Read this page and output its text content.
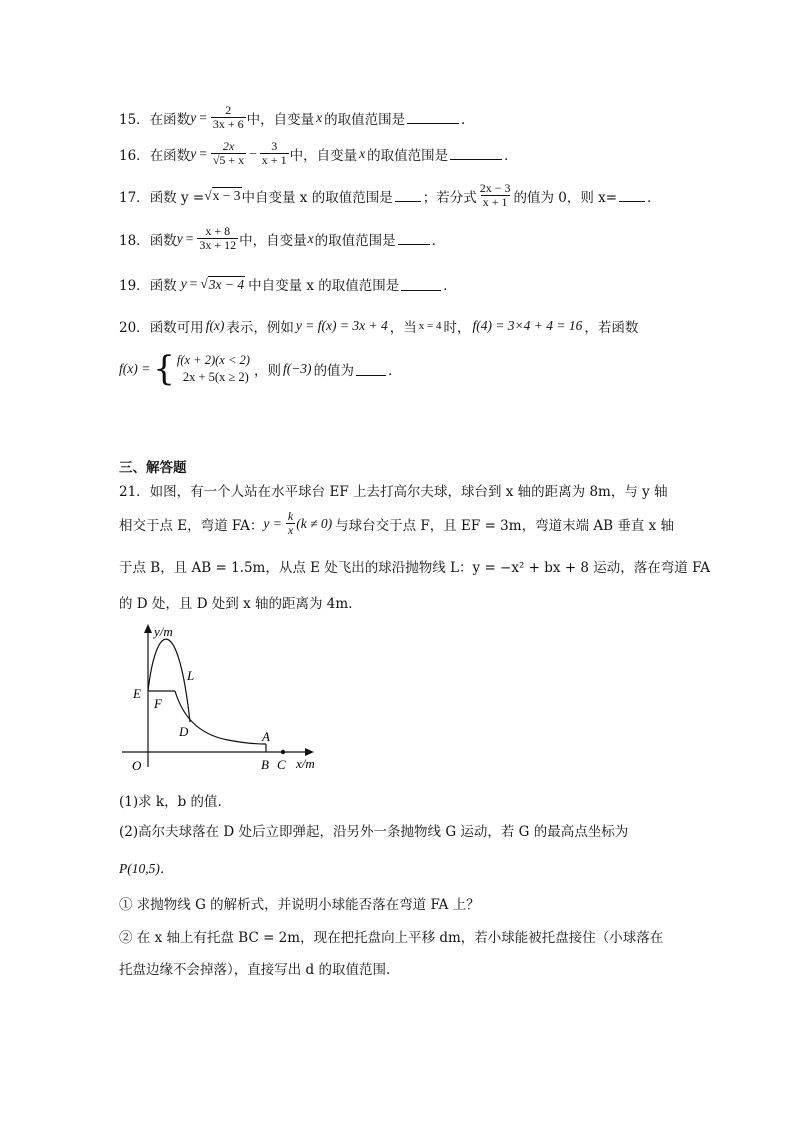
15． 在函数 $y = \frac{2}{3x + 6}$ 中，自变量 x 的取值范围是	．
16． 在函数 $y = \frac{2x}{√5 + x} - \frac{3}{x + 1}$ 中，自变量 x 的取值范围是	．
17． 函数 y = √ x − 3 中自变量 x 的取值范围是 ；若分式 $\frac{2x - 3}{x + 1}$ 的值为 0，则 x= ．
18． 函数 $y = \frac{x + 8}{3x + 12}$ 中，自变量 x 的取值范围是	．
19． 函数 y = √ 3x − 4 中自变量 x 的取值范围是	．
20． 函数可用 f(x) 表示，例如 y = f(x) = 3x + 4 ，当 x = 4 时， f(4) = 3×4 + 4 = 16 ，若函数
f(x) = { f(x + 2)(x < 2)
2x + 5(x ≥ 2) ，则 f(−3) 的值为	．
三、解答题
21．如图，有一个人站在水平球台 EF 上去打高尔夫球，球台到 x 轴的距离为 8m，与 y 轴
相交于点 E，弯道 FA： $y = \frac{k}{x} (k \ne 0)$ 与球台交于点 F，且 EF = 3m，弯道末端 AB 垂直 x 轴
于点 B，且 AB = 1.5m，从点 E 处飞出的球沿抛物线 L：y = −x² + bx + 8 运动，落在弯道 FA
的 D 处，且 D 处到 x 轴的距离为 4m．
y/m
x/m
O
E
F
L
D	A
B C
(1)求 k，b 的值．
(2)高尔夫球落在 D 处后立即弹起，沿另外一条抛物线 G 运动，若 G 的最高点坐标为
P(10,5)．
① 求抛物线 G 的解析式，并说明小球能否落在弯道 FA 上？
② 在 x 轴上有托盘 BC = 2m，现在把托盘向上平移 dm，若小球能被托盘接住（小球落在
托盘边缘不会掉落），直接写出 d 的取值范围．
